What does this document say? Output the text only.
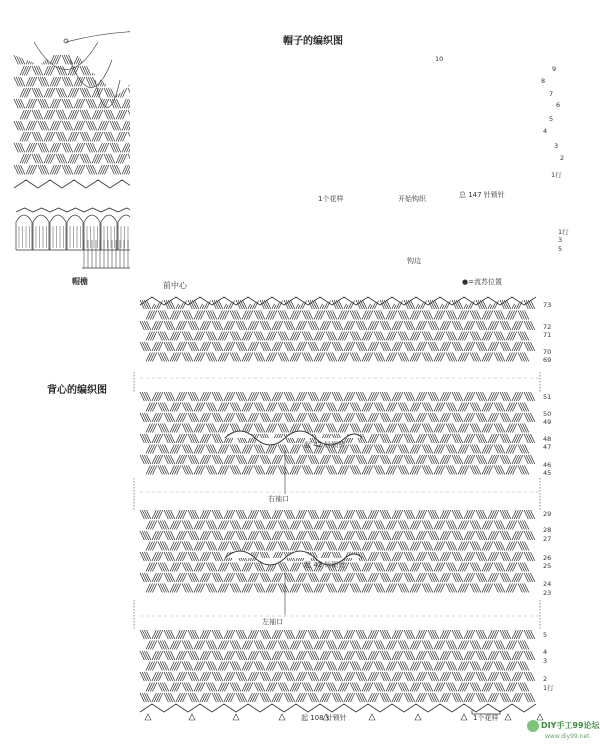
帽子的编织图
帽檐	前中心
1个花样	开始钩织	总 147 针锁针
钩边
●=流苏位置
10
9
8
7
6
5
4
3
2
1行
1行
3
5
背心的编织图
右袖口
左袖口
起 42 针锁针
起 42 针锁针
起 108 针锁针	1个花样
73
72
71
70
69
51
50
49
48
47
46
45
29
28
27
26
25
24
23
5
4
3
2
1行
DIY手工99论坛
www.diy99.net
